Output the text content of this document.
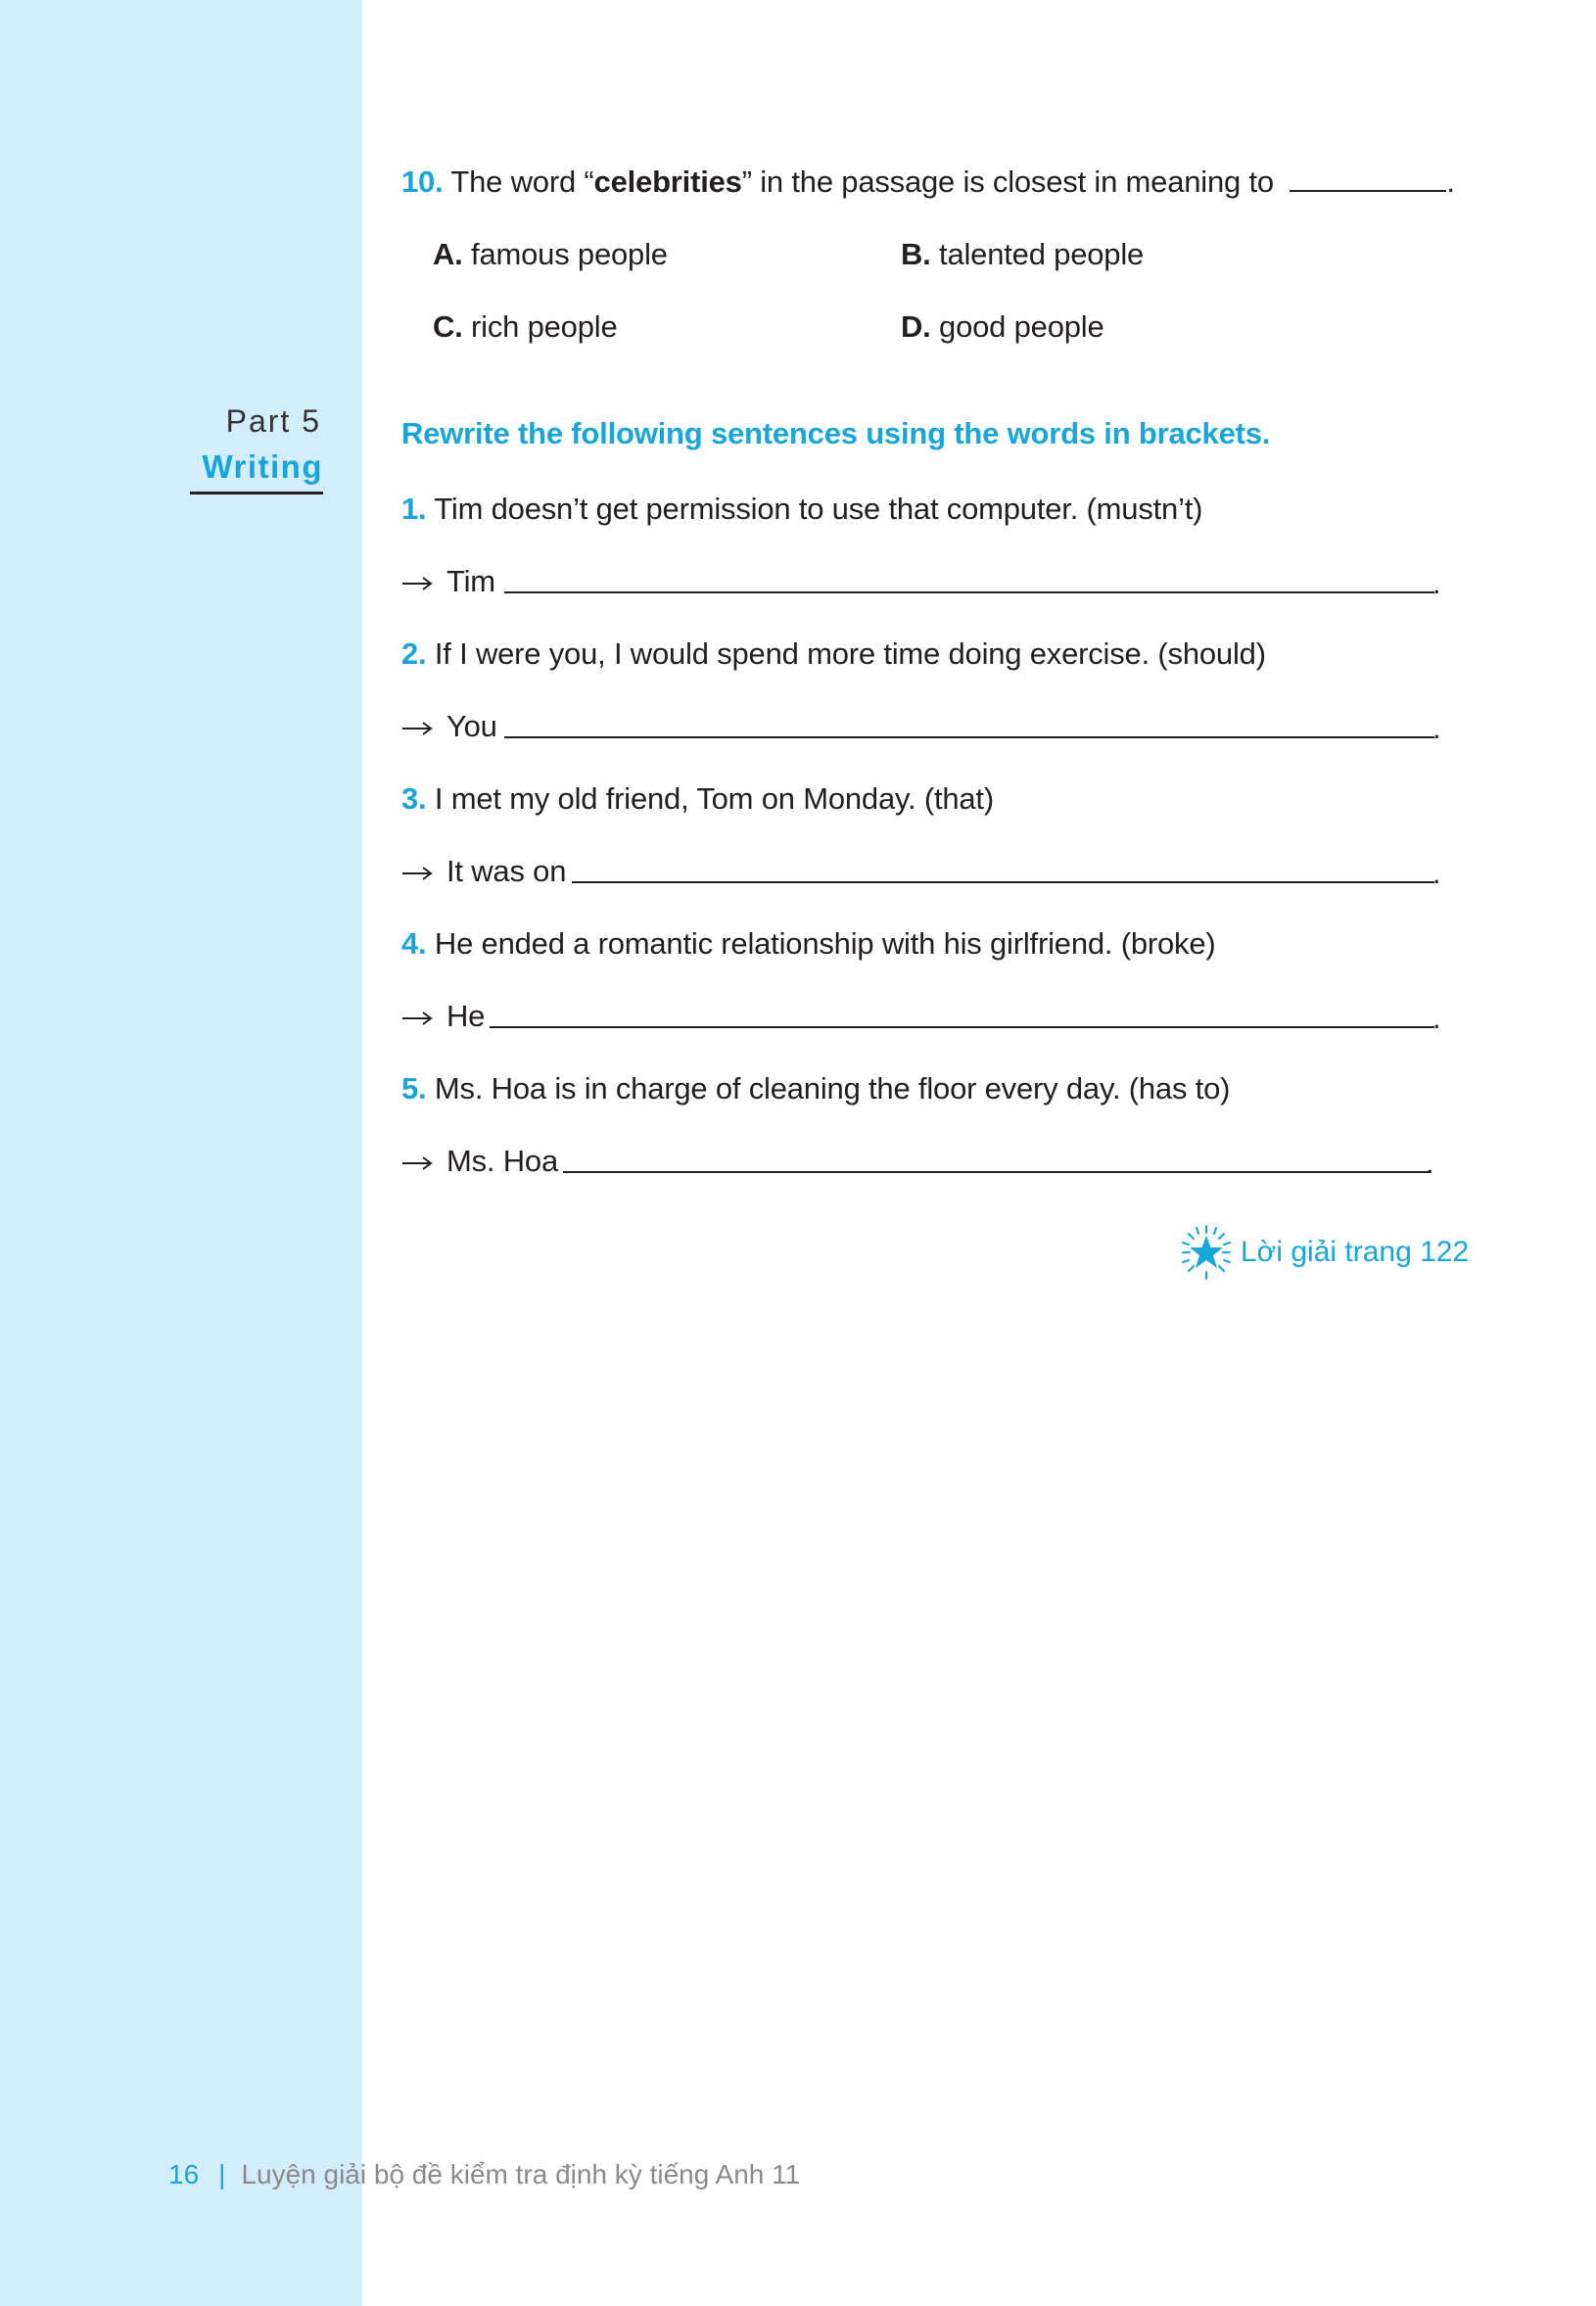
10. The word “celebrities” in the passage is closest in meaning to	.
A. famous people	B. talented people
C. rich people	D. good people
Part 5
Writing
Rewrite the following sentences using the words in brackets.
1. Tim doesn’t get permission to use that computer. (mustn’t)
Tim	.
2. If I were you, I would spend more time doing exercise. (should)
You	.
3. I met my old friend, Tom on Monday. (that)
It was on	.
4. He ended a romantic relationship with his girlfriend. (broke)
He	.
5. Ms. Hoa is in charge of cleaning the floor every day. (has to)
Ms. Hoa	.
Lời giải trang 122
16 | Luyện giải bộ đề kiểm tra định kỳ tiếng Anh 11
